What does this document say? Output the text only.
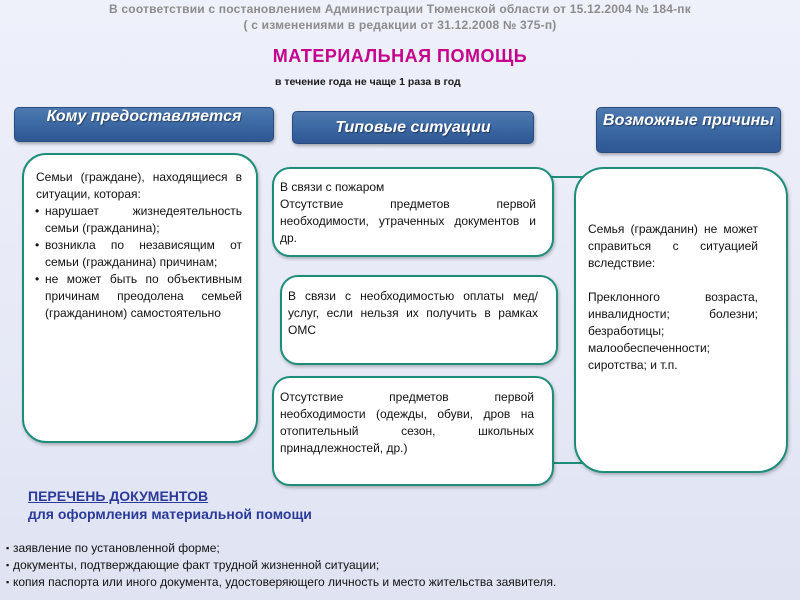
В соответствии с постановлением Администрации Тюменской области от 15.12.2004 № 184-пк
( с изменениями в редакции от 31.12.2008 № 375-п)
МАТЕРИАЛЬНАЯ ПОМОЩЬ
в течение года не чаще 1 раза в год
Кому предоставляется
Типовые ситуации	Возможные причины
Семьи (граждане), находящиеся в ситуации, которая:
• нарушает жизнедеятельность семьи (гражданина);
• возникла по независящим от семьи (гражданина) причинам;
• не может быть по объективным причинам преодолена семьей (гражданином) самостоятельно
В связи с пожаром
Отсутствие предметов первой необходимости, утраченных документов и др.
В связи с необходимостью оплаты мед/услуг, если нельзя их получить в рамках ОМС
Отсутствие предметов первой необходимости (одежды, обуви, дров на отопительный сезон, школьных принадлежностей, др.)
Семья (гражданин) не может справиться с ситуацией вследствие:
Преклонного возраста, инвалидности; болезни; безработицы; малообеспеченности; сиротства; и т.п.
ПЕРЕЧЕНЬ ДОКУМЕНТОВ
для оформления материальной помощи
▪ заявление по установленной форме;
▪ документы, подтверждающие факт трудной жизненной ситуации;
▪ копия паспорта или иного документа, удостоверяющего личность и место жительства заявителя.
